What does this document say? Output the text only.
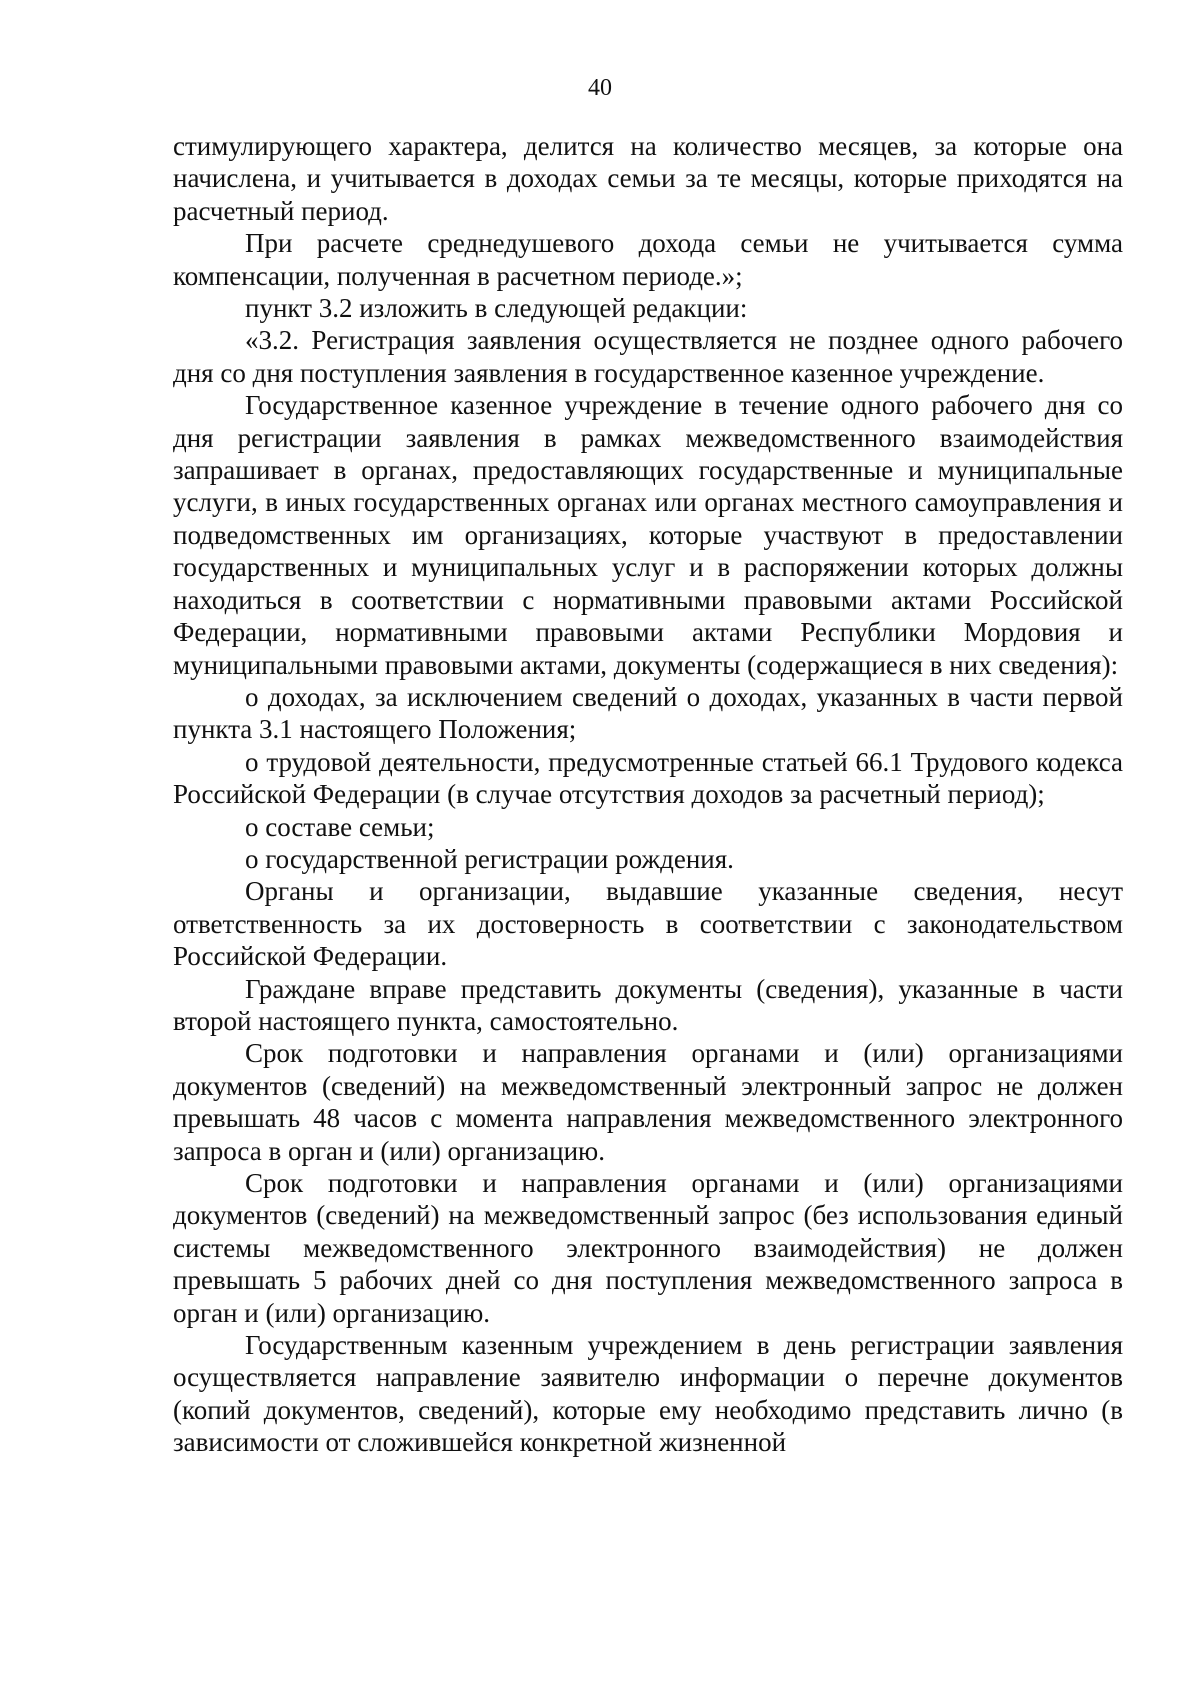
40

стимулирующего характера, делится на количество месяцев, за которые она начислена, и учитывается в доходах семьи за те месяцы, которые приходятся на расчетный период.

При расчете среднедушевого дохода семьи не учитывается сумма компенсации, полученная в расчетном периоде.»;

пункт 3.2 изложить в следующей редакции:

«3.2. Регистрация заявления осуществляется не позднее одного рабочего дня со дня поступления заявления в государственное казенное учреждение.

Государственное казенное учреждение в течение одного рабочего дня со дня регистрации заявления в рамках межведомственного взаимодействия запрашивает в органах, предоставляющих государственные и муниципальные услуги, в иных государственных органах или органах местного самоуправления и подведомственных им организациях, которые участвуют в предоставлении государственных и муниципальных услуг и в распоряжении которых должны находиться в соответствии с нормативными правовыми актами Российской Федерации, нормативными правовыми актами Республики Мордовия и муниципальными правовыми актами, документы (содержащиеся в них сведения):

о доходах, за исключением сведений о доходах, указанных в части первой пункта 3.1 настоящего Положения;

о трудовой деятельности, предусмотренные статьей 66.1 Трудового кодекса Российской Федерации (в случае отсутствия доходов за расчетный период);

о составе семьи;

о государственной регистрации рождения.

Органы и организации, выдавшие указанные сведения, несут ответственность за их достоверность в соответствии с законодательством Российской Федерации.

Граждане вправе представить документы (сведения), указанные в части второй настоящего пункта, самостоятельно.

Срок подготовки и направления органами и (или) организациями документов (сведений) на межведомственный электронный запрос не должен превышать 48 часов с момента направления межведомственного электронного запроса в орган и (или) организацию.

Срок подготовки и направления органами и (или) организациями документов (сведений) на межведомственный запрос (без использования единый системы межведомственного электронного взаимодействия) не должен превышать 5 рабочих дней со дня поступления межведомственного запроса в орган и (или) организацию.

Государственным казенным учреждением в день регистрации заявления осуществляется направление заявителю информации о перечне документов (копий документов, сведений), которые ему необходимо представить лично (в зависимости от сложившейся конкретной жизненной
